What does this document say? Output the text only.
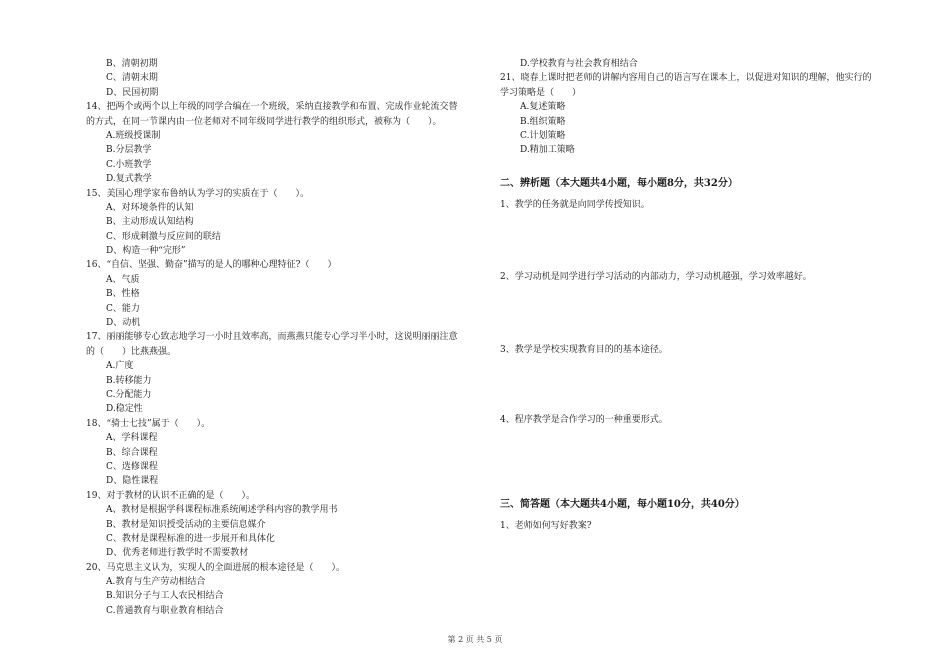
B、清朝初期
C、清朝末期
D、民国初期
14、把两个或两个以上年级的同学合编在一个班级，采纳直接教学和布置、完成作业轮流交替
的方式，在同一节课内由一位老师对不同年级同学进行教学的组织形式，被称为（　　）。
A.班级授课制
B.分层教学
C.小班教学
D.复式教学
15、美国心理学家布鲁纳认为学习的实质在于（　　）。
A、对环境条件的认知
B、主动形成认知结构
C、形成刺激与反应间的联结
D、构造一种“完形”
16、“自信、坚强、勤奋”描写的是人的哪种心理特征?（　　）
A、气质
B、性格
C、能力
D、动机
17、丽丽能够专心致志地学习一小时且效率高，而燕燕只能专心学习半小时，这说明丽丽注意
的（　　）比燕燕强。
A.广度
B.转移能力
C.分配能力
D.稳定性
18、“骑士七技”属于（　　）。
A、学科课程
B、综合课程
C、选修课程
D、隐性课程
19、对于教材的认识不正确的是（　　）。
A、教材是根据学科课程标准系统阐述学科内容的教学用书
B、教材是知识授受活动的主要信息媒介
C、教材是课程标准的进一步展开和具体化
D、优秀老师进行教学时不需要教材
20、马克思主义认为，实现人的全面进展的根本途径是（　　）。
A.教育与生产劳动相结合
B.知识分子与工人农民相结合
C.普通教育与职业教育相结合
D.学校教育与社会教育相结合
21、晓春上课时把老师的讲解内容用自己的语言写在课本上，以促进对知识的理解，他实行的
学习策略是（　　）
A.复述策略
B.组织策略
C.计划策略
D.精加工策略
二、辨析题（本大题共4小题，每小题8分，共32分）
1、教学的任务就是向同学传授知识。
2、学习动机是同学进行学习活动的内部动力，学习动机越强，学习效率越好。
3、教学是学校实现教育目的的基本途径。
4、程序教学是合作学习的一种重要形式。
三、简答题（本大题共4小题，每小题10分，共40分）
1、老师如何写好教案?
第 2 页 共 5 页
